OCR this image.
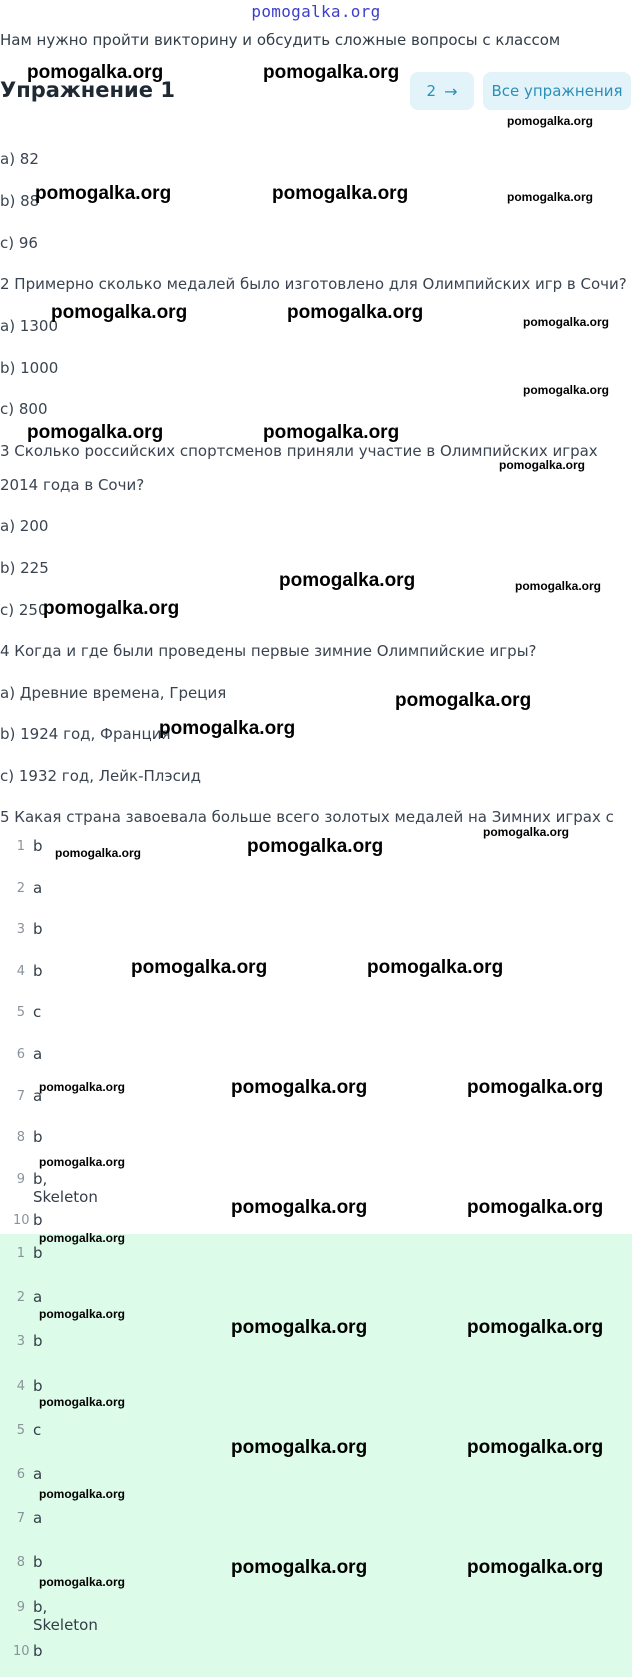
pomogalka.org
Нам нужно пройти викторину и обсудить сложные вопросы с классом
Упражнение 1	2 → Все упражнения
а) 82
b) 88
c) 96
2 Примерно сколько медалей было изготовлено для Олимпийских игр в Сочи?
а) 1300
b) 1000
c) 800
3 Сколько российских спортсменов приняли участие в Олимпийских играх
2014 года в Сочи?
а) 200
b) 225
c) 250
4 Когда и где были проведены первые зимние Олимпийские игры?
а) Древние времена, Греция
b) 1924 год, Франция
c) 1932 год, Лейк-Плэсид
5 Какая страна завоевала больше всего золотых медалей на Зимних играх с
1 b
2 a
3 b
4 b
5 c
6 a
7 a
8 b
9 b, Skeleton
10 b
1 b
2 a
3 b
4 b
5 c
6 a
7 a
8 b
9 b, Skeleton
10 b
pomogalka.org	pomogalka.org
pomogalka.org
pomogalka.org	pomogalka.org	pomogalka.org
pomogalka.org	pomogalka.org	pomogalka.org
pomogalka.org
pomogalka.org	pomogalka.org
pomogalka.org
pomogalka.org	pomogalka.org
pomogalka.org
pomogalka.org
pomogalka.org
pomogalka.org
pomogalka.org	pomogalka.org
pomogalka.org	pomogalka.org
pomogalka.org	pomogalka.org	pomogalka.org
pomogalka.org
pomogalka.org	pomogalka.org
pomogalka.org
pomogalka.org
pomogalka.org	pomogalka.org
pomogalka.org
pomogalka.org	pomogalka.org
pomogalka.org
pomogalka.org	pomogalka.org
pomogalka.org
